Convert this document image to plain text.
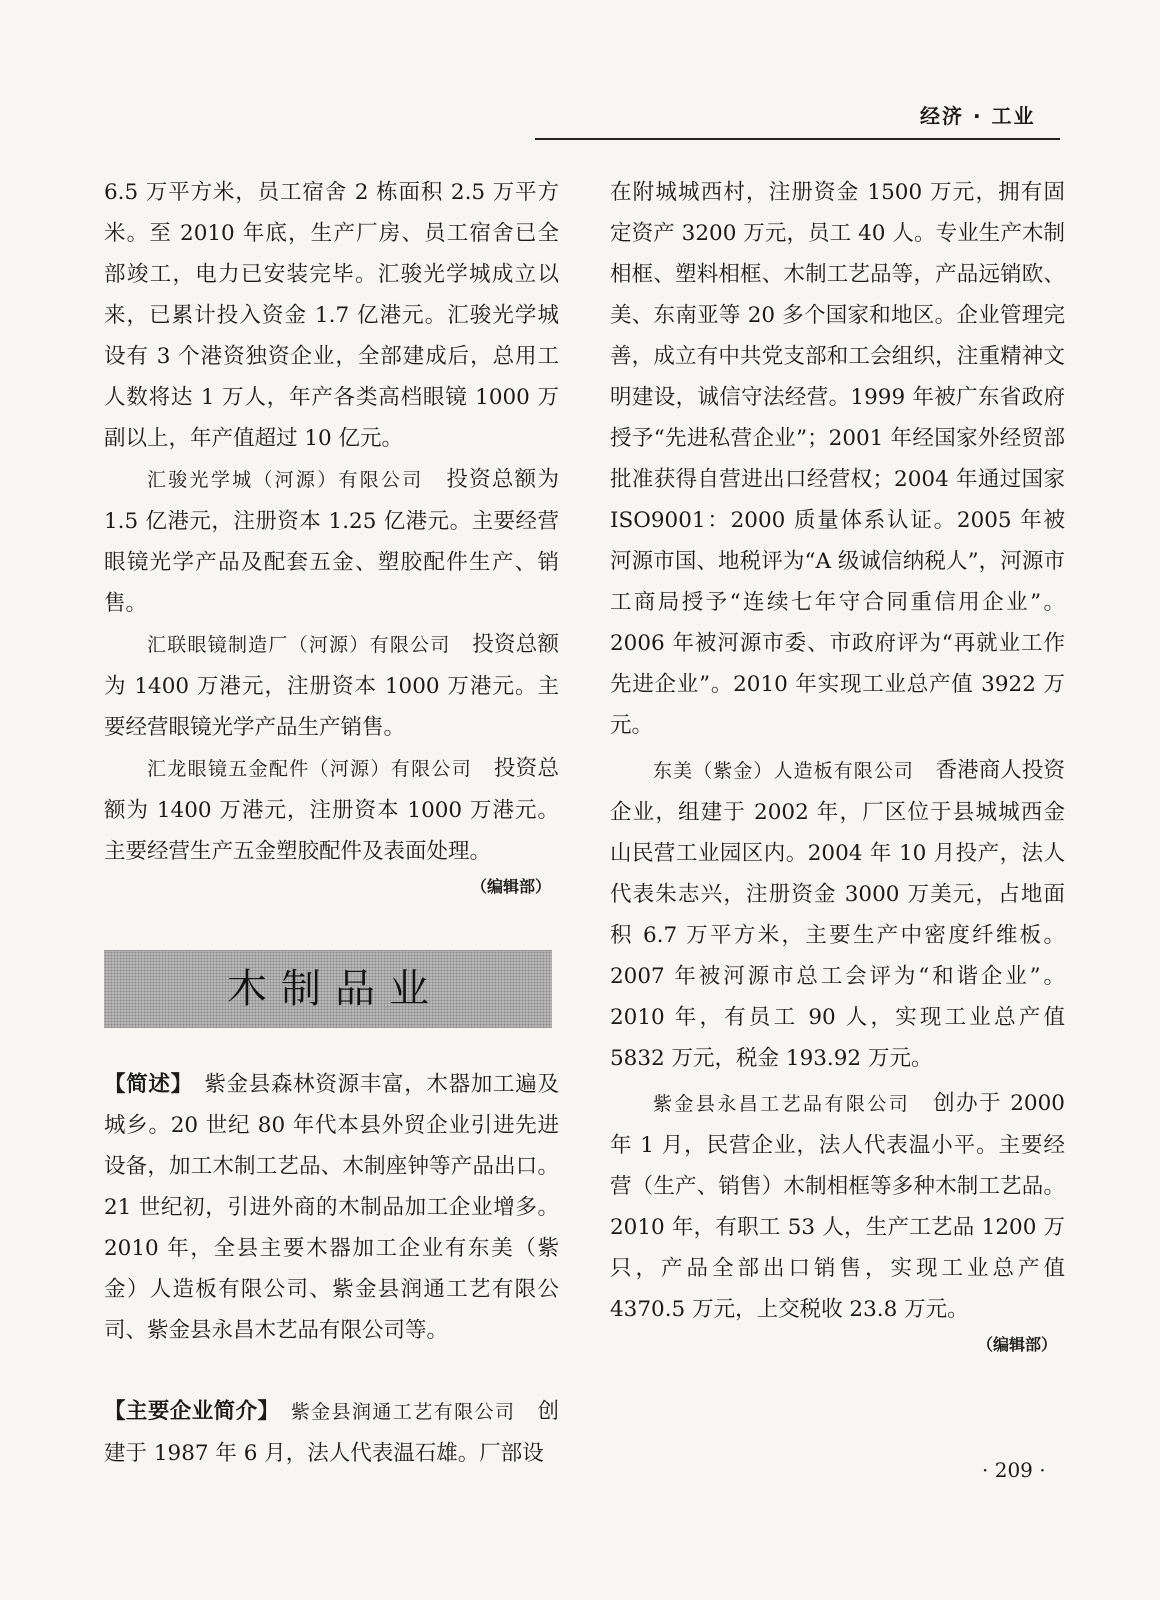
经济 · 工业

6.5 万平方米，员工宿舍 2 栋面积 2.5 万平方米。至 2010 年底，生产厂房、员工宿舍已全部竣工，电力已安装完毕。汇骏光学城成立以来，已累计投入资金 1.7 亿港元。汇骏光学城设有 3 个港资独资企业，全部建成后，总用工人数将达 1 万人，年产各类高档眼镜 1000 万副以上，年产值超过 10 亿元。

汇骏光学城（河源）有限公司　 投资总额为 1.5 亿港元，注册资本 1.25 亿港元。主要经营眼镜光学产品及配套五金、塑胶配件生产、销售。

汇联眼镜制造厂（河源）有限公司　 投资总额为 1400 万港元，注册资本 1000 万港元。主要经营眼镜光学产品生产销售。

汇龙眼镜五金配件（河源）有限公司　 投资总额为 1400 万港元，注册资本 1000 万港元。主要经营生产五金塑胶配件及表面处理。

（编辑部）
木制品业

【简述】　 紫金县森林资源丰富，木器加工遍及城乡。20 世纪 80 年代本县外贸企业引进先进设备，加工木制工艺品、木制座钟等产品出口。21 世纪初，引进外商的木制品加工企业增多。2010 年，全县主要木器加工企业有东美（紫金）人造板有限公司、紫金县润通工艺有限公司、紫金县永昌木艺品有限公司等。

【主要企业简介】　 紫金县润通工艺有限公司　 创建于 1987 年 6 月，法人代表温石雄。厂部设

在附城城西村，注册资金 1500 万元，拥有固定资产 3200 万元，员工 40 人。专业生产木制相框、塑料相框、木制工艺品等，产品远销欧、美、东南亚等 20 多个国家和地区。企业管理完善，成立有中共党支部和工会组织，注重精神文明建设，诚信守法经营。1999 年被广东省政府授予“先进私营企业”；2001 年经国家外经贸部批准获得自营进出口经营权；2004 年通过国家 ISO9001：2000 质量体系认证。2005 年被河源市国、地税评为“A 级诚信纳税人”，河源市工商局授予“连续七年守合同重信用企业”。2006 年被河源市委、市政府评为“再就业工作先进企业”。2010 年实现工业总产值 3922 万元。

东美（紫金）人造板有限公司　 香港商人投资企业，组建于 2002 年，厂区位于县城城西金山民营工业园区内。2004 年 10 月投产，法人代表朱志兴，注册资金 3000 万美元，占地面积 6.7 万平方米，主要生产中密度纤维板。2007 年被河源市总工会评为“和谐企业”。2010 年，有员工 90 人，实现工业总产值 5832 万元，税金 193.92 万元。

紫金县永昌工艺品有限公司　 创办于 2000 年 1 月，民营企业，法人代表温小平。主要经营（生产、销售）木制相框等多种木制工艺品。2010 年，有职工 53 人，生产工艺品 1200 万只，产品全部出口销售，实现工业总产值 4370.5 万元，上交税收 23.8 万元。

（编辑部）
· 209 ·
